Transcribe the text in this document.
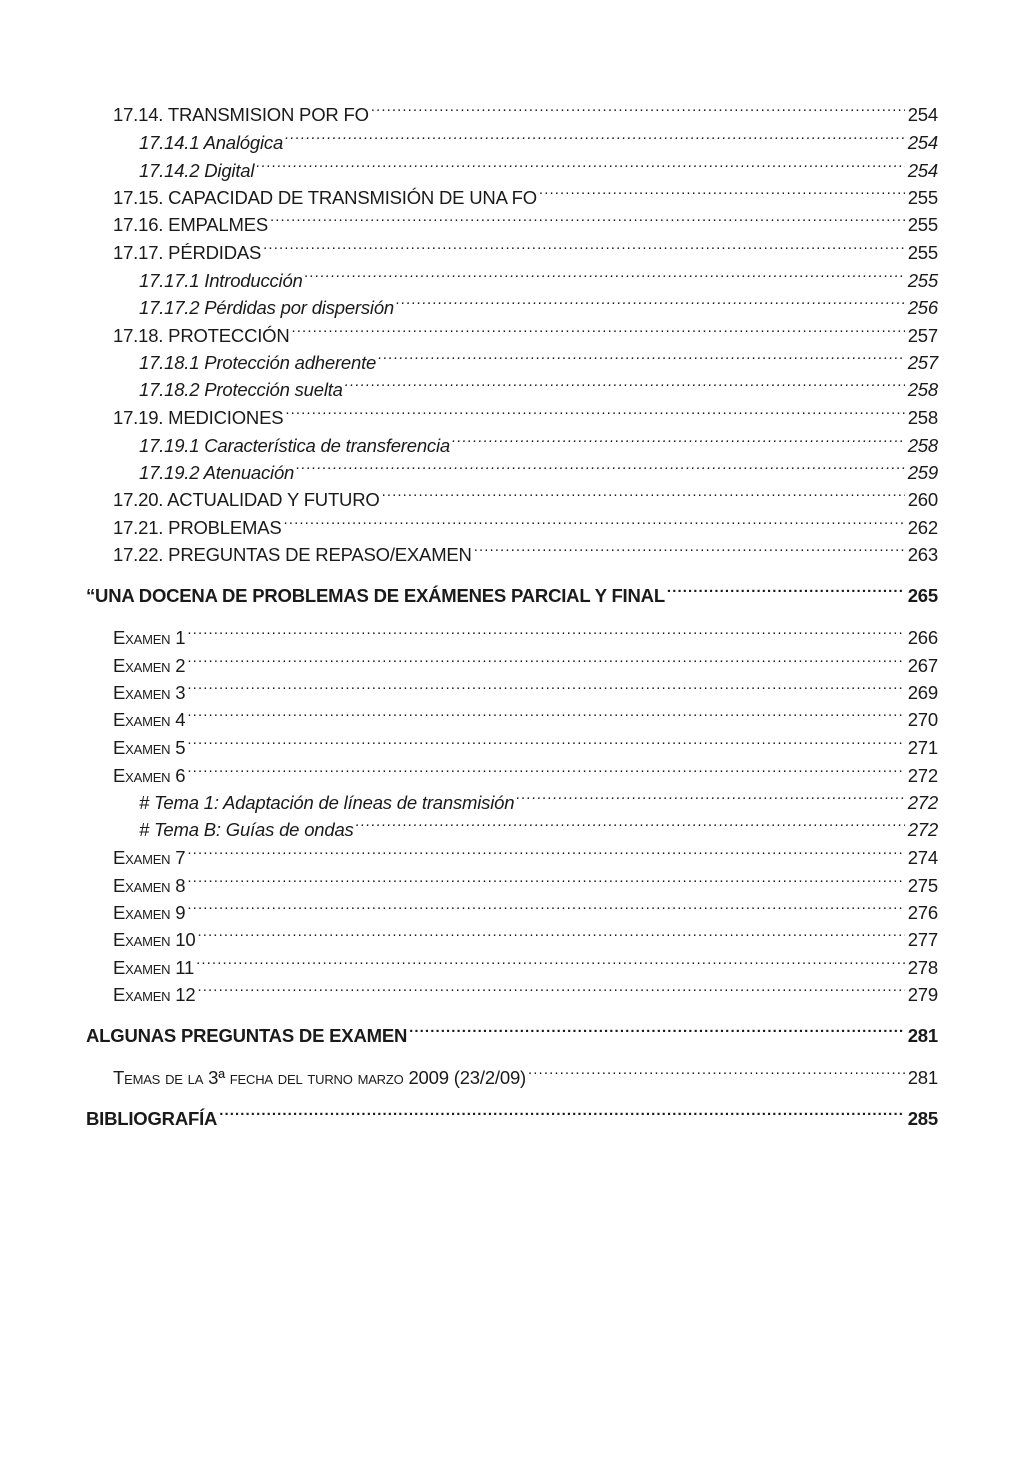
17.14. TRANSMISION POR FO .....	254
17.14.1 Analógica .....	254
17.14.2 Digital .....	254
17.15. CAPACIDAD DE TRANSMISIÓN DE UNA FO .....	255
17.16. EMPALMES .....	255
17.17. PÉRDIDAS .....	255
17.17.1 Introducción .....	255
17.17.2 Pérdidas por dispersión .....	256
17.18. PROTECCIÓN .....	257
17.18.1 Protección adherente .....	257
17.18.2 Protección suelta .....	258
17.19. MEDICIONES .....	258
17.19.1 Característica de transferencia .....	258
17.19.2 Atenuación .....	259
17.20. ACTUALIDAD Y FUTURO .....	260
17.21. PROBLEMAS .....	262
17.22. PREGUNTAS DE REPASO/EXAMEN .....	263
“UNA DOCENA DE PROBLEMAS DE EXÁMENES PARCIAL Y FINAL .....	265
Examen 1 .....	266
Examen 2 .....	267
Examen 3 .....	269
Examen 4 .....	270
Examen 5 .....	271
Examen 6 .....	272
# Tema 1: Adaptación de líneas de transmisión .....	272
# Tema B: Guías de ondas .....	272
Examen 7 .....	274
Examen 8 .....	275
Examen 9 .....	276
Examen 10 .....	277
Examen 11 .....	278
Examen 12 .....	279
ALGUNAS PREGUNTAS DE EXAMEN .....	281
Temas de la 3ª fecha del turno marzo 2009 (23/2/09) .....	281
BIBLIOGRAFÍA .....	285
